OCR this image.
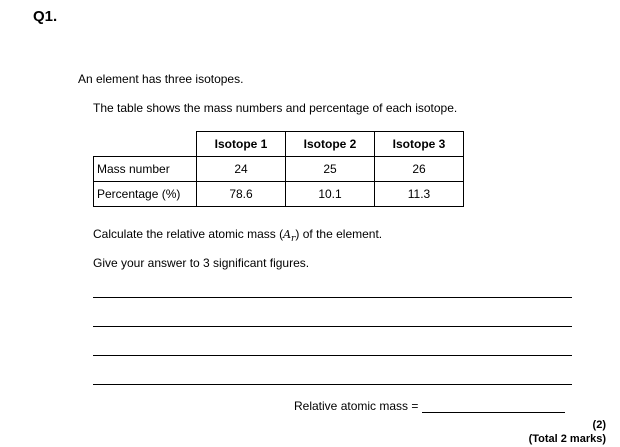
Q1.
An element has three isotopes.
The table shows the mass numbers and percentage of each isotope.
	Isotope 1	Isotope 2	Isotope 3
Mass number	24	25	26
Percentage (%)	78.6	10.1	11.3
Calculate the relative atomic mass $(A_r)$ of the element.
Give your answer to 3 significant figures.
Relative atomic mass =
(2)
(Total 2 marks)
